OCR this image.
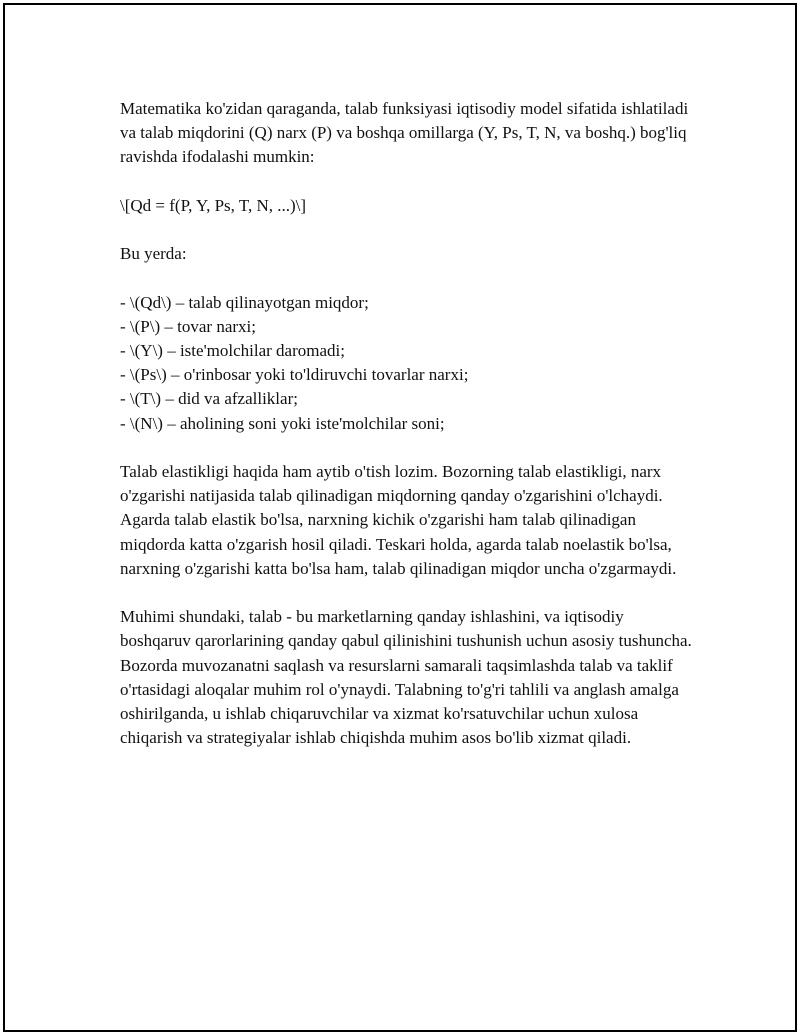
Matematika ko'zidan qaraganda, talab funksiyasi iqtisodiy model sifatida ishlatiladi va talab miqdorini (Q) narx (P) va boshqa omillarga (Y, Ps, T, N, va boshq.) bog'liq ravishda ifodalashi mumkin:

\[Qd = f(P, Y, Ps, T, N, ...)\]

Bu yerda:

- \(Qd\) – talab qilinayotgan miqdor;
- \(P\) – tovar narxi;
- \(Y\) – iste'molchilar daromadi;
- \(Ps\) – o'rinbosar yoki to'ldiruvchi tovarlar narxi;
- \(T\) – did va afzalliklar;
- \(N\) – aholining soni yoki iste'molchilar soni;

Talab elastikligi haqida ham aytib o'tish lozim. Bozorning talab elastikligi, narx o'zgarishi natijasida talab qilinadigan miqdorning qanday o'zgarishini o'lchaydi. Agarda talab elastik bo'lsa, narxning kichik o'zgarishi ham talab qilinadigan miqdorda katta o'zgarish hosil qiladi. Teskari holda, agarda talab noelastik bo'lsa, narxning o'zgarishi katta bo'lsa ham, talab qilinadigan miqdor uncha o'zgarmaydi.

Muhimi shundaki, talab - bu marketlarning qanday ishlashini, va iqtisodiy boshqaruv qarorlarining qanday qabul qilinishini tushunish uchun asosiy tushuncha. Bozorda muvozanatni saqlash va resurslarni samarali taqsimlashda talab va taklif o'rtasidagi aloqalar muhim rol o'ynaydi. Talabning to'g'ri tahlili va anglash amalga oshirilganda, u ishlab chiqaruvchilar va xizmat ko'rsatuvchilar uchun xulosa chiqarish va strategiyalar ishlab chiqishda muhim asos bo'lib xizmat qiladi.
